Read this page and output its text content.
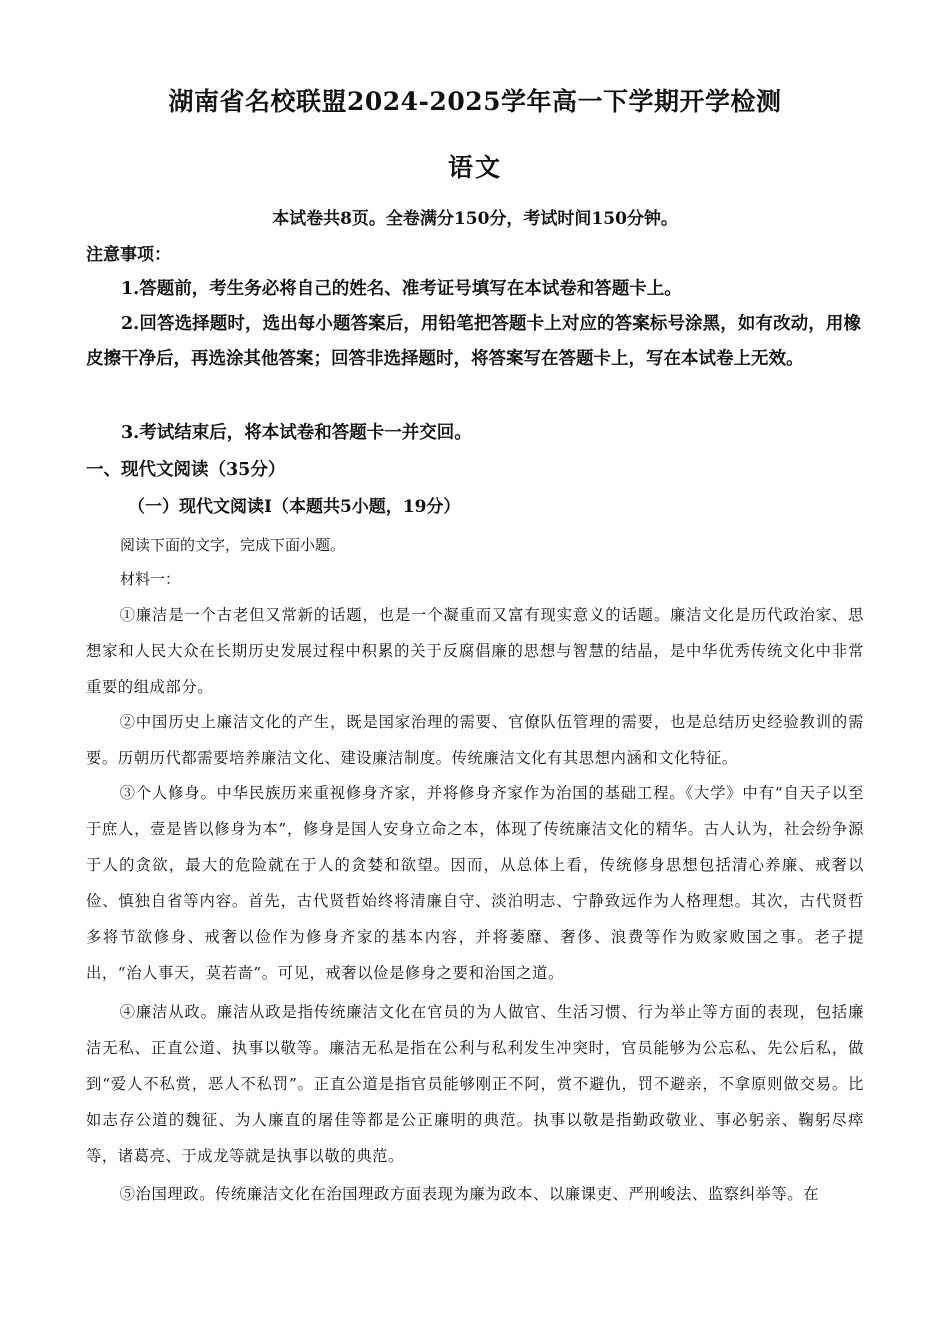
湖南省名校联盟2024-2025学年高一下学期开学检测
语文
本试卷共8页。全卷满分150分，考试时间150分钟。
注意事项：
1.答题前，考生务必将自己的姓名、准考证号填写在本试卷和答题卡上。
2.回答选择题时，选出每小题答案后，用铅笔把答题卡上对应的答案标号涂黑，如有改动，用橡皮擦干净后，再选涂其他答案；回答非选择题时，将答案写在答题卡上，写在本试卷上无效。
3.考试结束后，将本试卷和答题卡一并交回。
一、现代文阅读（35分）
（一）现代文阅读Ⅰ（本题共5小题，19分）
阅读下面的文字，完成下面小题。
材料一：
①廉洁是一个古老但又常新的话题，也是一个凝重而又富有现实意义的话题。廉洁文化是历代政治家、思想家和人民大众在长期历史发展过程中积累的关于反腐倡廉的思想与智慧的结晶，是中华优秀传统文化中非常重要的组成部分。
②中国历史上廉洁文化的产生，既是国家治理的需要、官僚队伍管理的需要，也是总结历史经验教训的需要。历朝历代都需要培养廉洁文化、建设廉洁制度。传统廉洁文化有其思想内涵和文化特征。
③个人修身。中华民族历来重视修身齐家，并将修身齐家作为治国的基础工程。《大学》中有“自天子以至于庶人，壹是皆以修身为本”，修身是国人安身立命之本，体现了传统廉洁文化的精华。古人认为，社会纷争源于人的贪欲，最大的危险就在于人的贪婪和欲望。因而，从总体上看，传统修身思想包括清心养廉、戒奢以俭、慎独自省等内容。首先，古代贤哲始终将清廉自守、淡泊明志、宁静致远作为人格理想。其次，古代贤哲多将节欲修身、戒奢以俭作为修身齐家的基本内容，并将萎靡、奢侈、浪费等作为败家败国之事。老子提出，“治人事天，莫若啬”。可见，戒奢以俭是修身之要和治国之道。
④廉洁从政。廉洁从政是指传统廉洁文化在官员的为人做官、生活习惯、行为举止等方面的表现，包括廉洁无私、正直公道、执事以敬等。廉洁无私是指在公利与私利发生冲突时，官员能够为公忘私、先公后私，做到“爱人不私赏，恶人不私罚”。正直公道是指官员能够刚正不阿，赏不避仇，罚不避亲，不拿原则做交易。比如志存公道的魏征、为人廉直的屠佳等都是公正廉明的典范。执事以敬是指勤政敬业、事必躬亲、鞠躬尽瘁等，诸葛亮、于成龙等就是执事以敬的典范。
⑤治国理政。传统廉洁文化在治国理政方面表现为廉为政本、以廉课吏、严刑峻法、监察纠举等。在
